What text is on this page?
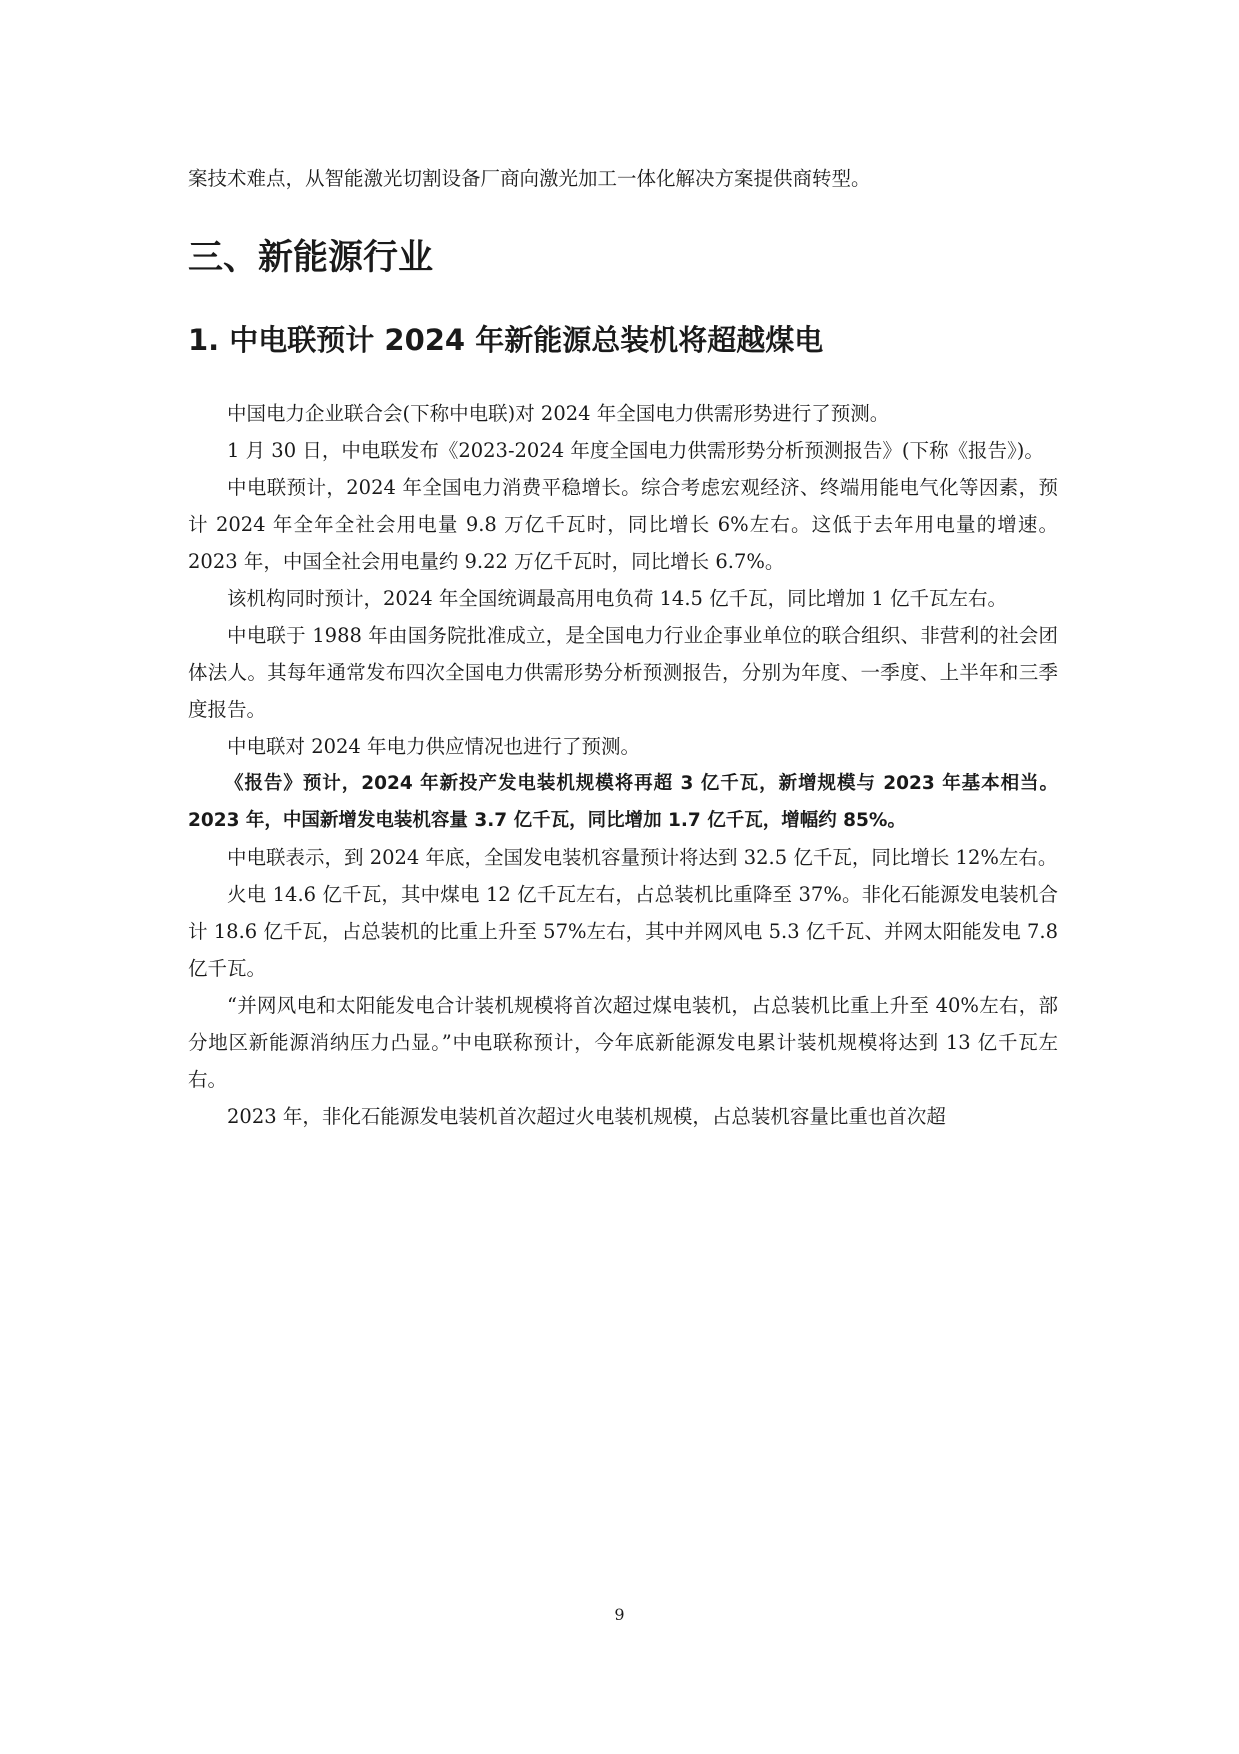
案技术难点，从智能激光切割设备厂商向激光加工一体化解决方案提供商转型。

三、新能源行业
1. 中电联预计 2024 年新能源总装机将超越煤电

中国电力企业联合会(下称中电联)对 2024 年全国电力供需形势进行了预测。

1 月 30 日，中电联发布《2023-2024 年度全国电力供需形势分析预测报告》(下称《报告》)。

中电联预计，2024 年全国电力消费平稳增长。综合考虑宏观经济、终端用能电气化等因素，预计 2024 年全年全社会用电量 9.8 万亿千瓦时，同比增长 6%左右。这低于去年用电量的增速。2023 年，中国全社会用电量约 9.22 万亿千瓦时，同比增长 6.7%。

该机构同时预计，2024 年全国统调最高用电负荷 14.5 亿千瓦，同比增加 1 亿千瓦左右。

中电联于 1988 年由国务院批准成立，是全国电力行业企事业单位的联合组织、非营利的社会团体法人。其每年通常发布四次全国电力供需形势分析预测报告，分别为年度、一季度、上半年和三季度报告。

中电联对 2024 年电力供应情况也进行了预测。

《报告》预计，2024 年新投产发电装机规模将再超 3 亿千瓦，新增规模与 2023 年基本相当。2023 年，中国新增发电装机容量 3.7 亿千瓦，同比增加 1.7 亿千瓦，增幅约 85%。

中电联表示，到 2024 年底，全国发电装机容量预计将达到 32.5 亿千瓦，同比增长 12%左右。

火电 14.6 亿千瓦，其中煤电 12 亿千瓦左右，占总装机比重降至 37%。非化石能源发电装机合计 18.6 亿千瓦，占总装机的比重上升至 57%左右，其中并网风电 5.3 亿千瓦、并网太阳能发电 7.8 亿千瓦。

“并网风电和太阳能发电合计装机规模将首次超过煤电装机，占总装机比重上升至 40%左右，部分地区新能源消纳压力凸显。”中电联称预计，今年底新能源发电累计装机规模将达到 13 亿千瓦左右。

2023 年，非化石能源发电装机首次超过火电装机规模，占总装机容量比重也首次超

9
